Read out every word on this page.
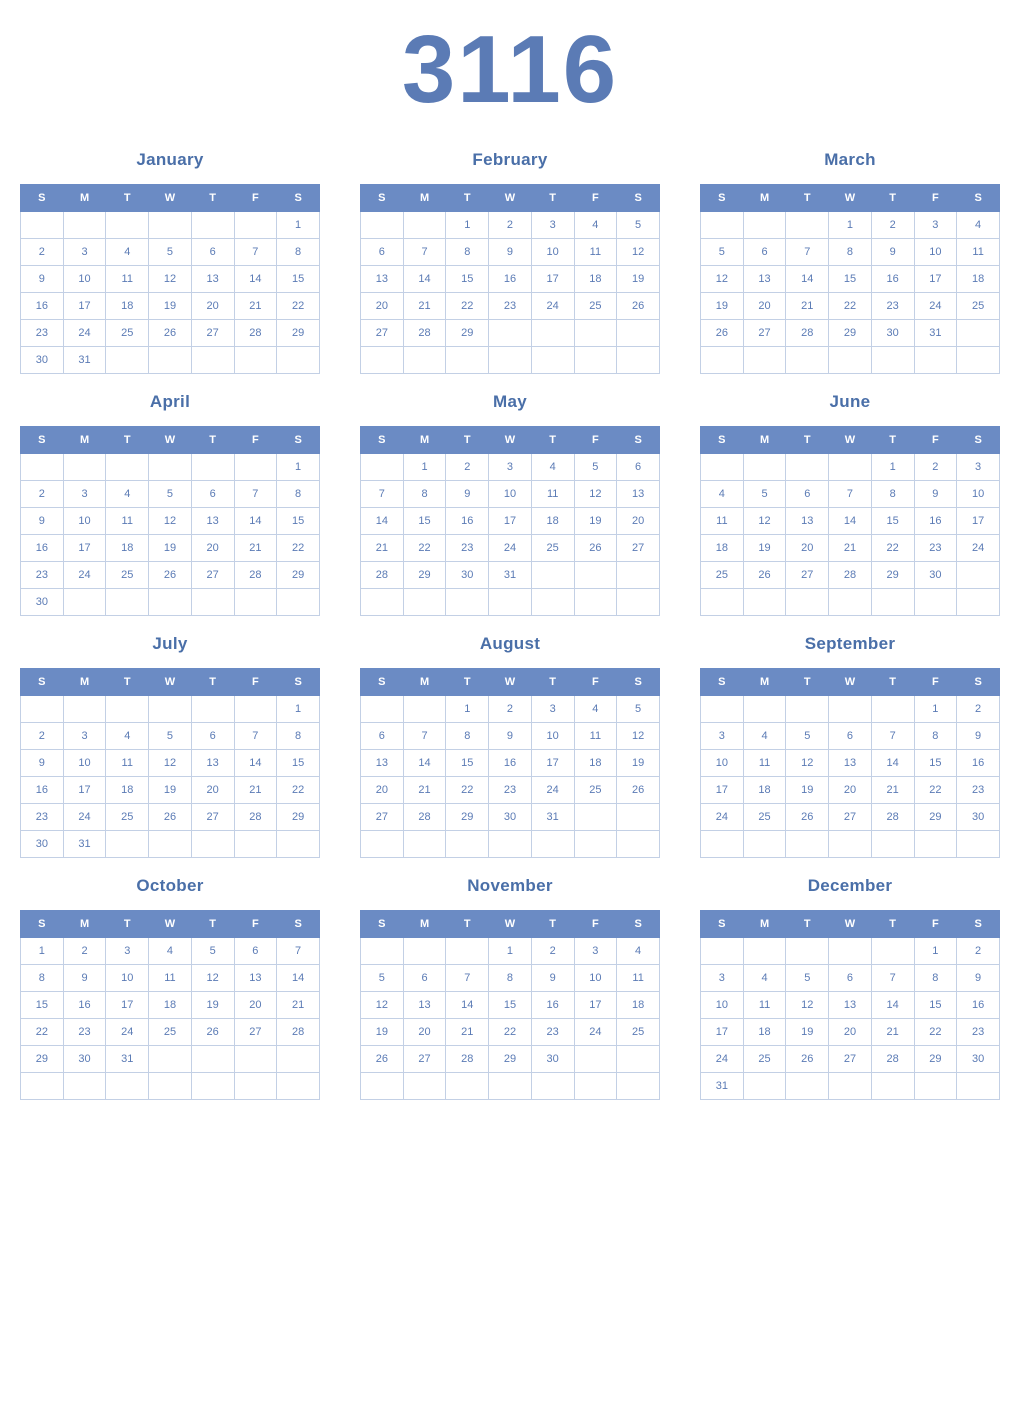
3116
January
S	M	T	W	T	F	S
						1
2	3	4	5	6	7	8
9	10	11	12	13	14	15
16	17	18	19	20	21	22
23	24	25	26	27	28	29
30	31					
February
S	M	T	W	T	F	S
		1	2	3	4	5
6	7	8	9	10	11	12
13	14	15	16	17	18	19
20	21	22	23	24	25	26
27	28	29				

March
S	M	T	W	T	F	S
			1	2	3	4
5	6	7	8	9	10	11
12	13	14	15	16	17	18
19	20	21	22	23	24	25
26	27	28	29	30	31	

April
S	M	T	W	T	F	S
						1
2	3	4	5	6	7	8
9	10	11	12	13	14	15
16	17	18	19	20	21	22
23	24	25	26	27	28	29
30						
May
S	M	T	W	T	F	S
	1	2	3	4	5	6
7	8	9	10	11	12	13
14	15	16	17	18	19	20
21	22	23	24	25	26	27
28	29	30	31			

June
S	M	T	W	T	F	S
				1	2	3
4	5	6	7	8	9	10
11	12	13	14	15	16	17
18	19	20	21	22	23	24
25	26	27	28	29	30	

July
S	M	T	W	T	F	S
						1
2	3	4	5	6	7	8
9	10	11	12	13	14	15
16	17	18	19	20	21	22
23	24	25	26	27	28	29
30	31					
August
S	M	T	W	T	F	S
		1	2	3	4	5
6	7	8	9	10	11	12
13	14	15	16	17	18	19
20	21	22	23	24	25	26
27	28	29	30	31		

September
S	M	T	W	T	F	S
					1	2
3	4	5	6	7	8	9
10	11	12	13	14	15	16
17	18	19	20	21	22	23
24	25	26	27	28	29	30

October
S	M	T	W	T	F	S
1	2	3	4	5	6	7
8	9	10	11	12	13	14
15	16	17	18	19	20	21
22	23	24	25	26	27	28
29	30	31				

November
S	M	T	W	T	F	S
			1	2	3	4
5	6	7	8	9	10	11
12	13	14	15	16	17	18
19	20	21	22	23	24	25
26	27	28	29	30		

December
S	M	T	W	T	F	S
					1	2
3	4	5	6	7	8	9
10	11	12	13	14	15	16
17	18	19	20	21	22	23
24	25	26	27	28	29	30
31						
